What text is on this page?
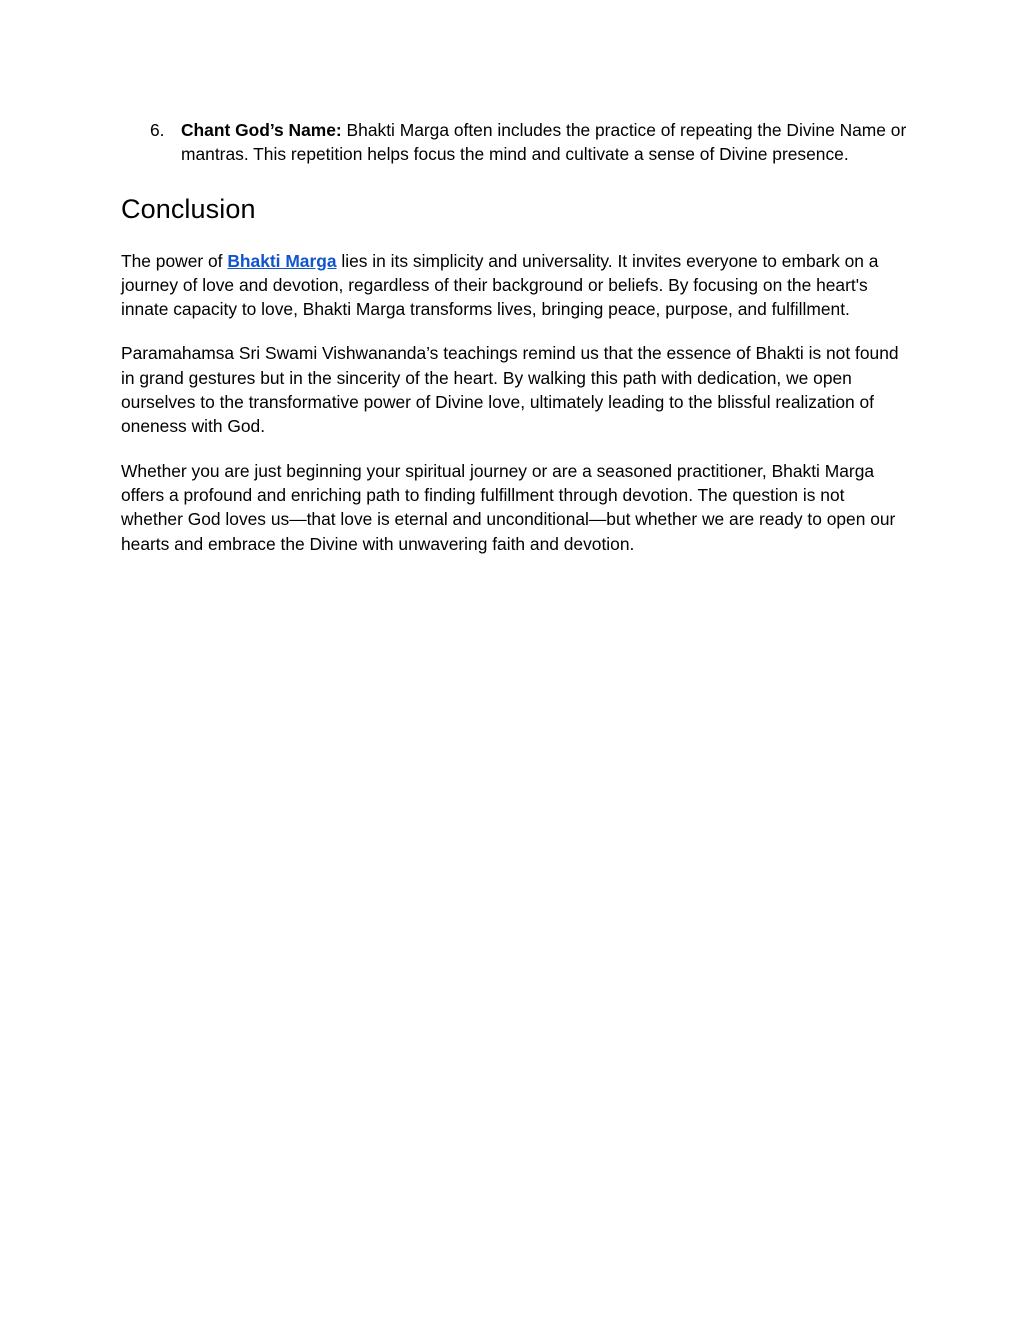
6. Chant God’s Name: Bhakti Marga often includes the practice of repeating the Divine Name or mantras. This repetition helps focus the mind and cultivate a sense of Divine presence.
Conclusion

The power of Bhakti Marga lies in its simplicity and universality. It invites everyone to embark on a journey of love and devotion, regardless of their background or beliefs. By focusing on the heart's innate capacity to love, Bhakti Marga transforms lives, bringing peace, purpose, and fulfillment.

Paramahamsa Sri Swami Vishwananda’s teachings remind us that the essence of Bhakti is not found in grand gestures but in the sincerity of the heart. By walking this path with dedication, we open ourselves to the transformative power of Divine love, ultimately leading to the blissful realization of oneness with God.

Whether you are just beginning your spiritual journey or are a seasoned practitioner, Bhakti Marga offers a profound and enriching path to finding fulfillment through devotion. The question is not whether God loves us—that love is eternal and unconditional—but whether we are ready to open our hearts and embrace the Divine with unwavering faith and devotion.
